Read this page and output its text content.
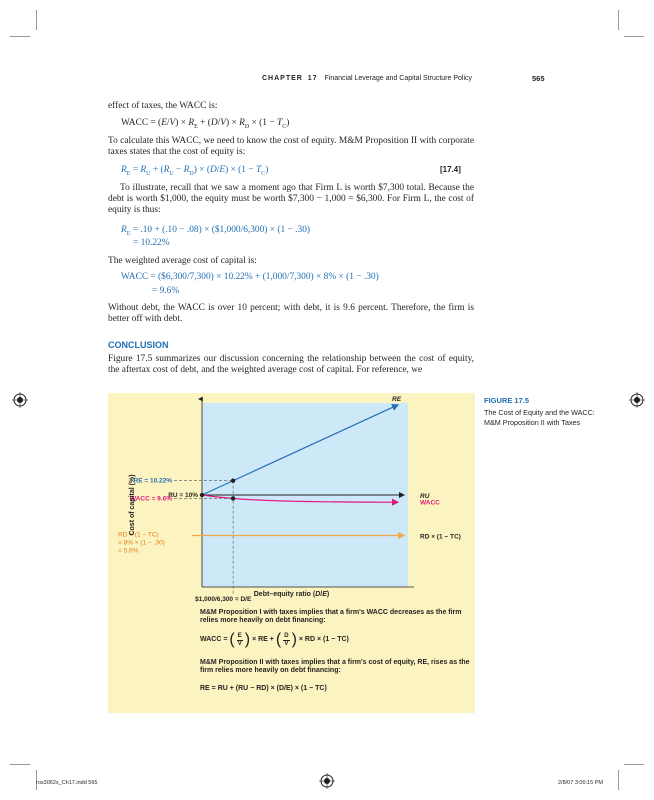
CHAPTER 17 Financial Leverage and Capital Structure Policy	565
effect of taxes, the WACC is:
WACC = $(E/V) \times R_E + (D/V) \times R_D \times (1 - T_C)$
To calculate this WACC, we need to know the cost of equity. M&M Proposition II with corporate taxes states that the cost of equity is:
$R_E = R_U + (R_U - R_D) \times (D/E) \times (1 - T_C)$	[17.4]
To illustrate, recall that we saw a moment ago that Firm L is worth $7,300 total. Because the debt is worth $1,000, the equity must be worth $7,300 − 1,000 = $6,300. For Firm L, the cost of equity is thus:
$R_E = .10 + (.10 - .08)$ × ($1,000/6,300) × (1 − .30)
= 10.22%
The weighted average cost of capital is:
WACC = ($6,300/7,300) × 10.22% + (1,000/7,300) × 8% × (1 − .30)
= 9.6%
Without debt, the WACC is over 10 percent; with debt, it is 9.6 percent. Therefore, the firm is better off with debt.
CONCLUSION
Figure 17.5 summarizes our discussion concerning the relationship between the cost of equity, the aftertax cost of debt, and the weighted average cost of capital. For reference, we
FIGURE 17.5
The Cost of Equity and the WACC: M&M Proposition II with Taxes
RE = 10.22%
RU = 10%
WACC = 9.6%
RD × (1 − TC)
= 8% × (1 − .30)
= 5.6%
RE
RU
WACC
RD × (1 − TC)
$1,000/6,300 = D/E
Cost of capital (%)
Debt–equity ratio (D/E)
M&M Proposition I with taxes implies that a firm's WACC decreases as the firm relies more heavily on debt financing:
WACC = ( $\frac{E}{V}$ ) × RE + ( $\frac{D}{V}$ ) × RD × (1 − TC)
M&M Proposition II with taxes implies that a firm's cost of equity, RE, rises as the firm relies more heavily on debt financing:
RE = RU + (RU − RD) × (D/E) × (1 − TC)
ros3062x_Ch17.indd 565	2/8/07 3:00:15 PM
